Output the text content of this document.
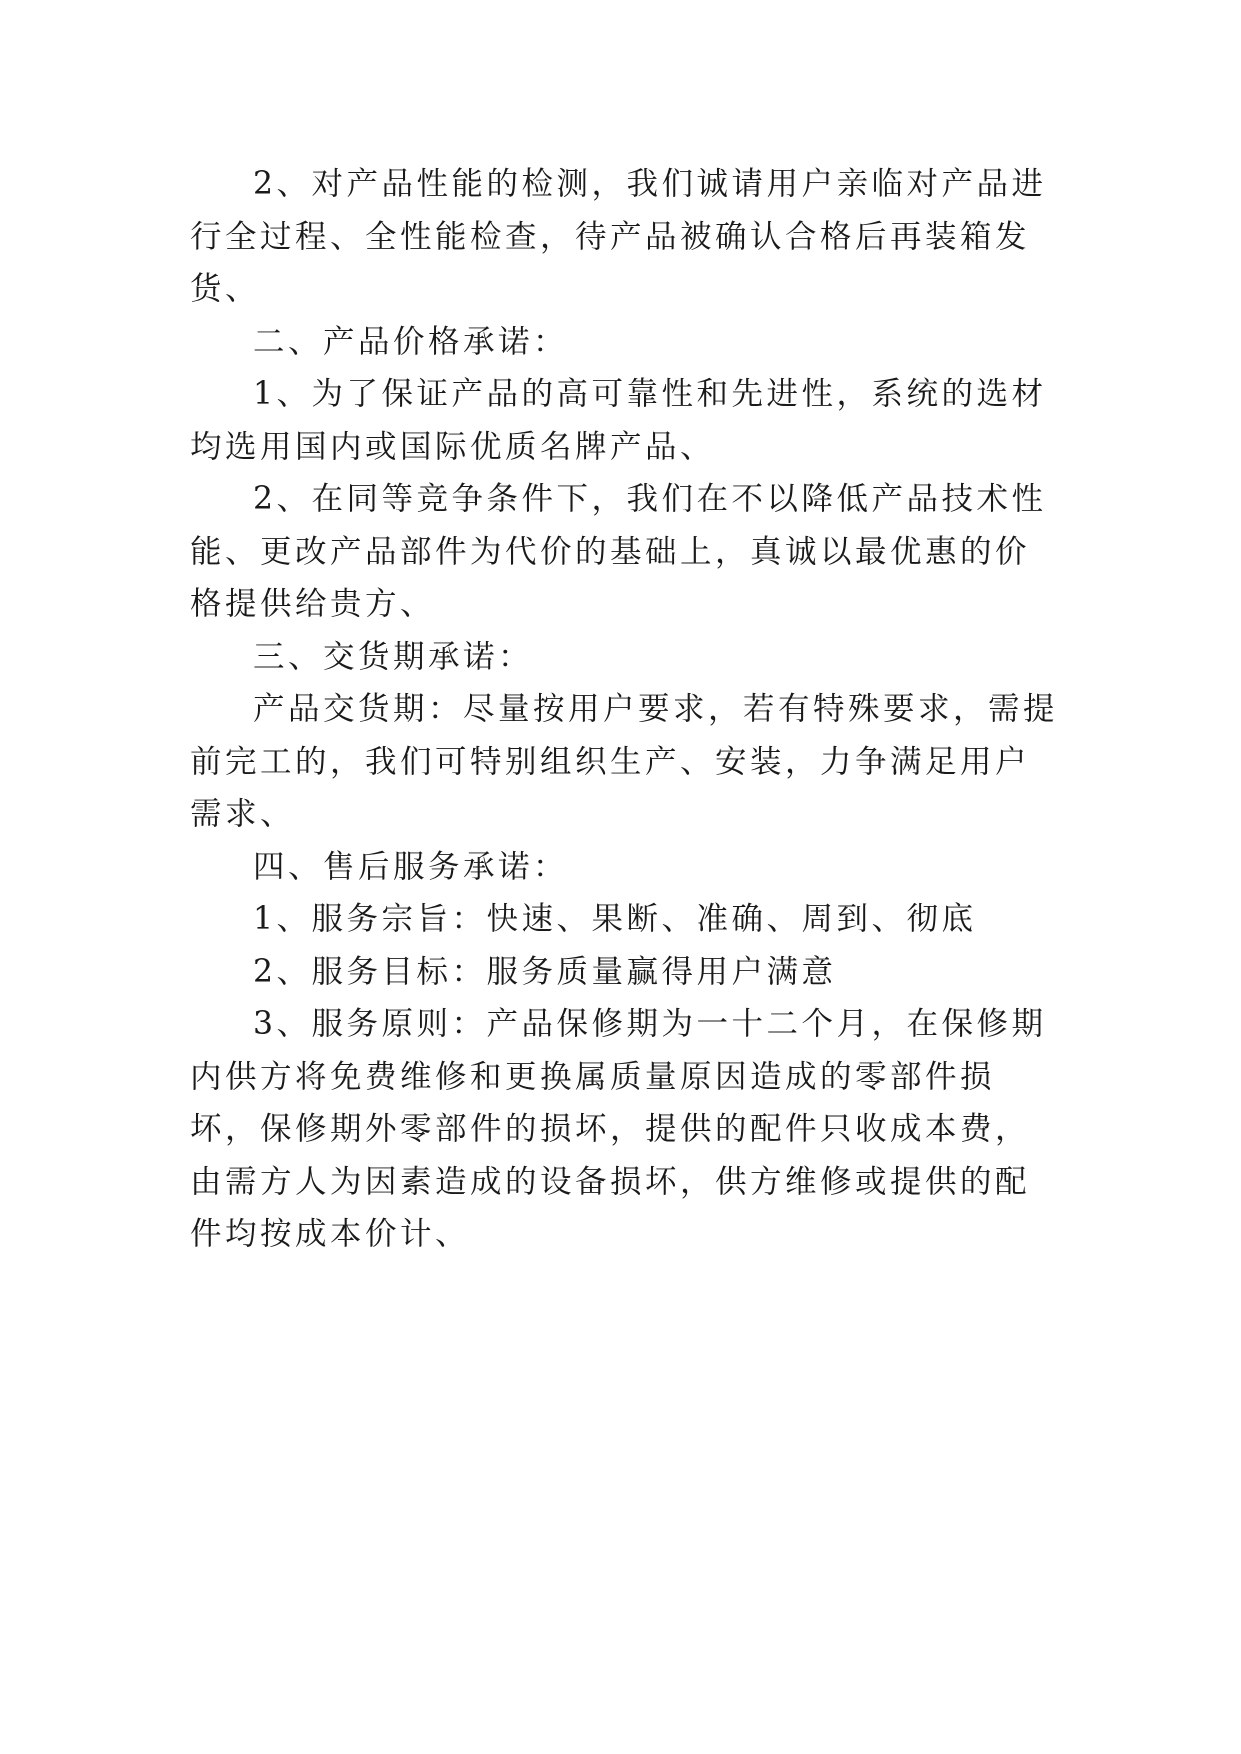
2、对产品性能的检测，我们诚请用户亲临对产品进行全过程、全性能检查，待产品被确认合格后再装箱发货、

二、产品价格承诺：

1、为了保证产品的高可靠性和先进性，系统的选材均选用国内或国际优质名牌产品、

2、在同等竞争条件下，我们在不以降低产品技术性能、更改产品部件为代价的基础上，真诚以最优惠的价格提供给贵方、

三、交货期承诺：

产品交货期：尽量按用户要求，若有特殊要求，需提前完工的，我们可特别组织生产、安装，力争满足用户需求、

四、售后服务承诺：

1、服务宗旨：快速、果断、准确、周到、彻底

2、服务目标：服务质量赢得用户满意

3、服务原则：产品保修期为一十二个月，在保修期内供方将免费维修和更换属质量原因造成的零部件损坏，保修期外零部件的损坏，提供的配件只收成本费，由需方人为因素造成的设备损坏，供方维修或提供的配件均按成本价计、
